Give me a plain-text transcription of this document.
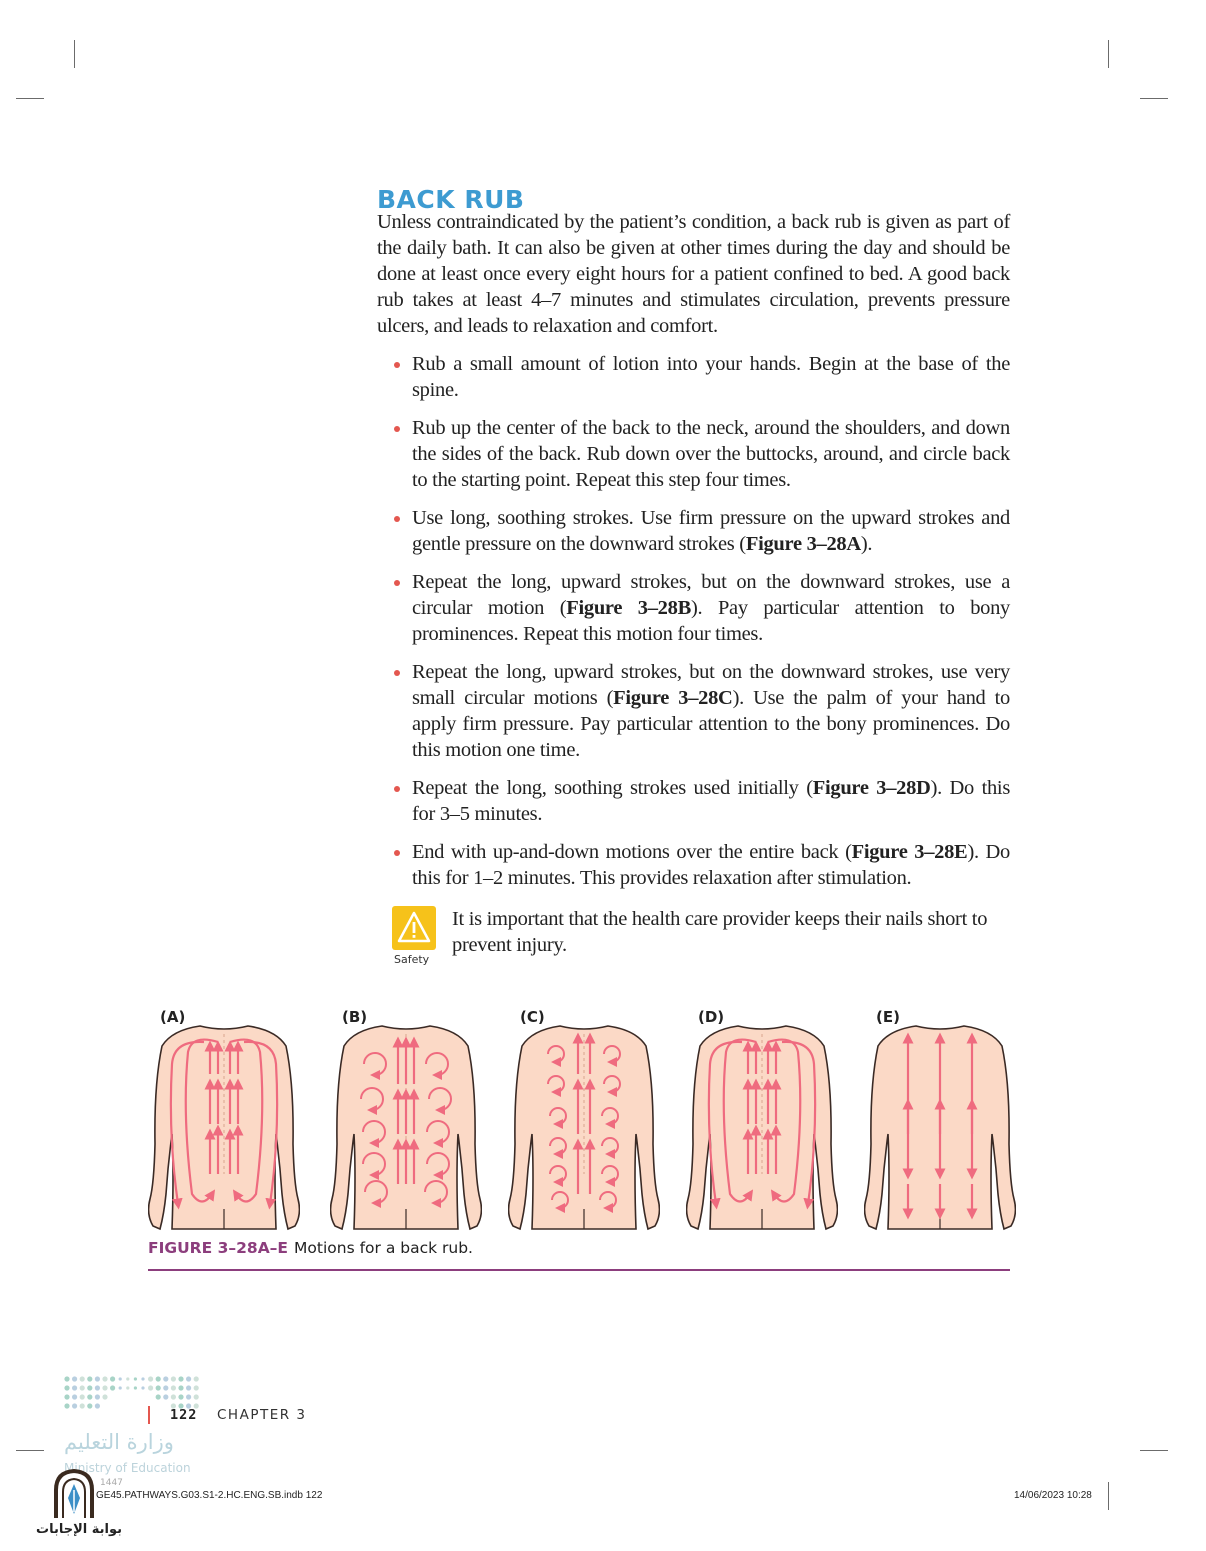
BACK RUB

Unless contraindicated by the patient’s condition, a back rub is given as part of the daily bath. It can also be given at other times during the day and should be done at least once every eight hours for a patient confined to bed. A good back rub takes at least 4–7 minutes and stimulates circulation, prevents pressure ulcers, and leads to relaxation and comfort.

Rub a small amount of lotion into your hands. Begin at the base of the spine.
Rub up the center of the back to the neck, around the shoulders, and down the sides of the back. Rub down over the buttocks, around, and circle back to the starting point. Repeat this step four times.
Use long, soothing strokes. Use firm pressure on the upward strokes and gentle pressure on the downward strokes (Figure 3–28A).
Repeat the long, upward strokes, but on the downward strokes, use a circular motion (Figure 3–28B). Pay particular attention to bony prominences. Repeat this motion four times.
Repeat the long, upward strokes, but on the downward strokes, use very small circular motions (Figure 3–28C). Use the palm of your hand to apply firm pressure. Pay particular attention to the bony prominences. Do this motion one time.
Repeat the long, soothing strokes used initially (Figure 3–28D). Do this for 3–5 minutes.
End with up-and-down motions over the entire back (Figure 3–28E). Do this for 1–2 minutes. This provides relaxation after stimulation.
Safety

It is important that the health care provider keeps their nails short to prevent injury.

(A)	(B)	(C)	(D)	(E)
FIGURE 3–28A–E Motions for a back rub.
122 CHAPTER 3
وزارة التعليم
Ministry of Education
1447
بوابة الإجابات
GE45.PATHWAYS.G03.S1-2.HC.ENG.SB.indb 122	14/06/2023 10:28
